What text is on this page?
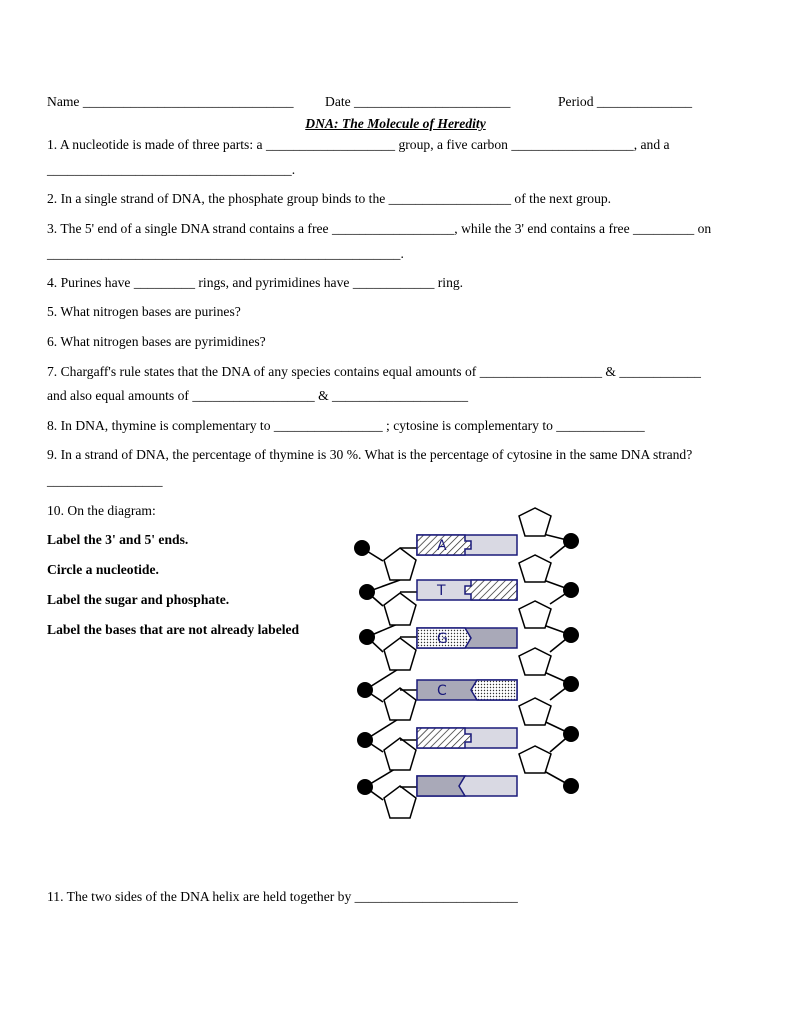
Name _______________________________ Date _______________________	Period ______________
DNA: The Molecule of Heredity
1. A nucleotide is made of three parts: a ___________________ group, a five carbon __________________, and a
____________________________________.
2. In a single strand of DNA, the phosphate group binds to the __________________ of the next group.
3. The 5' end of a single DNA strand contains a free __________________, while the 3' end contains a free _________ on
____________________________________________________.
4. Purines have _________ rings, and pyrimidines have ____________ ring.
5. What nitrogen bases are purines?
6. What nitrogen bases are pyrimidines?
7. Chargaff's rule states that the DNA of any species contains equal amounts of __________________ & ____________
and also equal amounts of __________________ & ____________________
8. In DNA, thymine is complementary to ________________ ; cytosine is complementary to _____________
9. In a strand of DNA, the percentage of thymine is 30 %. What is the percentage of cytosine in the same DNA strand?
_________________
10. On the diagram:
Label the 3' and 5' ends.
Circle a nucleotide.
Label the sugar and phosphate.
Label the bases that are not already labeled
11. The two sides of the DNA helix are held together by ________________________
A
T
G
C
